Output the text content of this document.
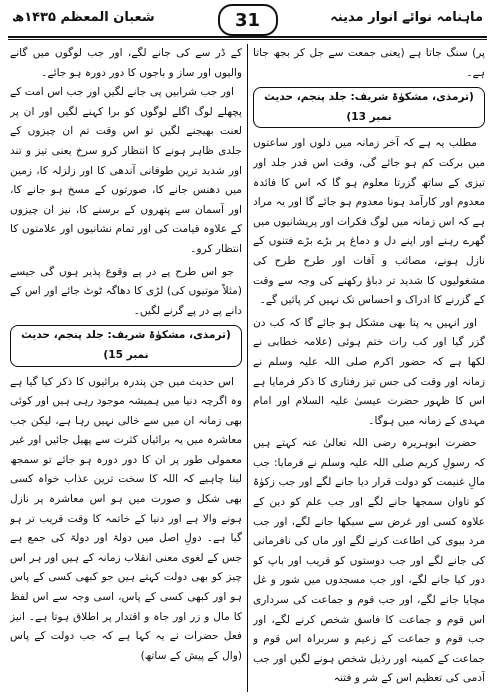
ماہنامہ نوائے انوار مدینہ
31
شعبان المعظم ۱۴۳۵ھ

پر) سنگ جاتا ہے (یعنی جمعت سے جل کر بجھ جاتا ہے۔

(ترمذی، مشکوٰۃ شریف: جلد پنجم، حدیث نمبر 13)

مطلب یہ ہے کہ آخر زمانہ میں دلوں اور ساعتوں میں برکت کم ہو جائے گی، وقت اس قدر جلد اور تیزی کے ساتھ گزرتا معلوم ہو گا کہ اس کا فائدہ معدوم اور کارآمد ہونا معدوم ہو جائے گا اور یہ مراد ہے کہ اس زمانہ میں لوگ فکرات اور پریشانیوں میں گھرے رہنے اور اپنے دل و دماغ پر بڑے بڑے فتنوں کے نازل ہونے، مصائب و آفات اور طرح طرح کی مشغولیوں کا شدید تر دباؤ رکھنے کی وجہ سے وقت کے گزرنے کا ادراک و احساس تک نہیں کر پائیں گے۔

اور انہیں یہ پتا بھی مشکل ہو جائے گا کہ کب دن گزر گیا اور کب رات ختم ہوئی (علامہ خطابی نے لکھا ہے کہ حضور اکرم صلی اللہ علیہ وسلم نے زمانہ اور وقت کی جس تیز رفتاری کا ذکر فرمایا ہے اس کا ظہور حضرت عیسیٰ علیہ السلام اور امام مہدی کے زمانہ میں ہوگا۔

حضرت ابوہریرہ رضی اللہ تعالیٰ عنہ کہتے ہیں کہ رسولِ کریم صلی اللہ علیہ وسلم نے فرمایا: جب مالِ غنیمت کو دولت قرار دیا جانے لگے اور جب زکوٰۃ کو تاوان سمجھا جانے لگے اور جب علم کو دین کے علاوہ کسی اور غرض سے سیکھا جانے لگے، اور جب مرد بیوی کی اطاعت کرنے لگے اور ماں کی نافرمانی کی جانے لگے اور جب دوستوں کو قریب اور باپ کو دور کیا جانے لگے، اور جب مسجدوں میں شور و غل مچایا جانے لگے، اور جب قوم و جماعت کی سرداری اس قوم و جماعت کا فاسق شخص کرنے لگے، اور جب قوم و جماعت کے زعیم و سربراہ اس قوم و جماعت کے کمینہ اور رذیل شخص ہونے لگیں اور جب آدمی کی تعظیم اس کے شر و فتنہ

کے ڈر سے کی جانے لگے، اور جب لوگوں میں گانے والیوں اور ساز و باجوں کا دور دورہ ہو جائے۔

اور جب شرابیں پی جانے لگیں اور جب اس امت کے پچھلے لوگ اگلے لوگوں کو برا کہنے لگیں اور ان پر لعنت بھیجنے لگیں تو اس وقت تم ان چیزوں کے جلدی ظاہر ہونے کا انتظار کرو سرخ یعنی تیز و تند اور شدید ترین طوفانی آندھی کا اور زلزلہ کا، زمین میں دھنس جانے کا، صورتوں کے مسخ ہو جانے کا، اور آسمان سے پتھروں کے برسنے کا، نیز ان چیزوں کے علاوہ قیامت کی اور تمام نشانیوں اور علامتوں کا انتظار کرو۔

جو اس طرح پے در پے وقوع پذیر ہوں گی جیسے (مثلاً موتیوں کی) لڑی کا دھاگہ ٹوٹ جائے اور اس کے دانے پے در پے گرنے لگیں۔

(ترمذی، مشکوٰۃ شریف: جلد پنجم، حدیث نمبر 15)

اس حدیث میں جن پندرہ برائیوں کا ذکر کیا گیا ہے وہ اگرچہ دنیا میں ہمیشہ موجود رہی ہیں اور کوئی بھی زمانہ ان میں سے خالی نہیں رہا ہے، لیکن جب معاشرہ میں یہ برائیاں کثرت سے پھیل جائیں اور غیر معمولی طور پر ان کا دور دورہ ہو جائے تو سمجھ لینا چاہیے کہ اللہ کا سخت ترین عذاب خواہ کسی بھی شکل و صورت میں ہو اس معاشرہ پر نازل ہونے والا ہے اور دنیا کے خاتمہ کا وقت قریب تر ہو گیا ہے۔ دولِ اصل میں دولۃ اور دولۃ کی جمع ہے جس کے لغوی معنی انقلاب زمانہ کے ہیں اور ہر اس چیز کو بھی دولت کہتے ہیں جو کبھی کسی کے پاس ہو اور کبھی کسی کے پاس، اسی وجہ سے اس لفظ کا مال و زر اور جاہ و اقتدار پر اطلاق ہوتا ہے۔ انیز فعل حضرات نے یہ کہا ہے کہ جب دولت کے پاس (وال کے پیش کے ساتھ)
